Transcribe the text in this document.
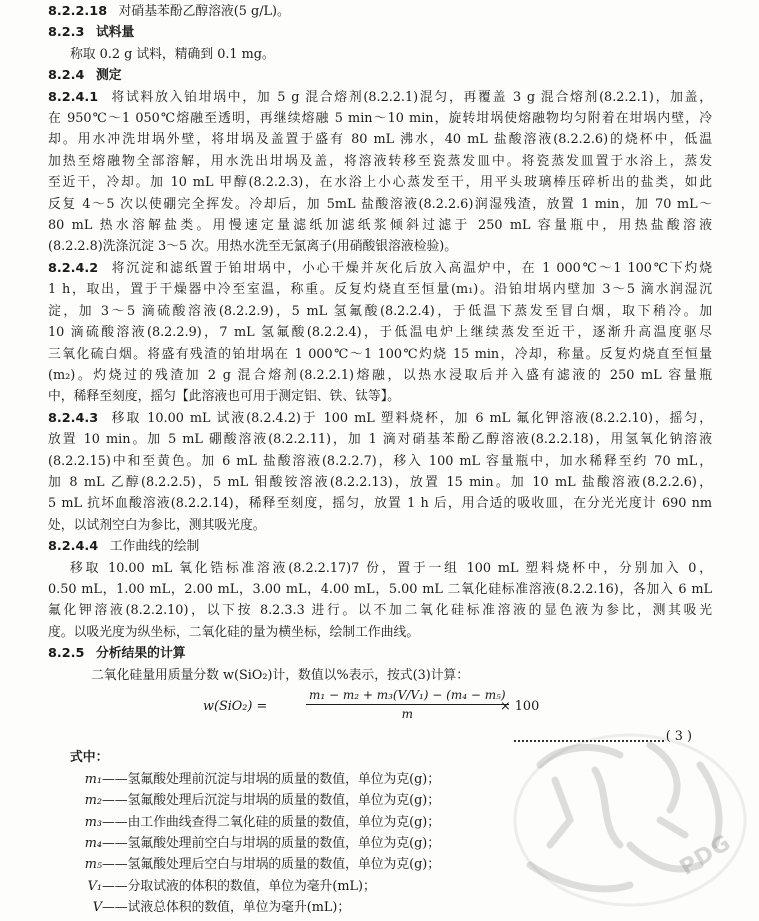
8.2.2.18 对硝基苯酚乙醇溶液(5 g/L)。
8.2.3 试料量
称取 0.2 g 试料，精确到 0.1 mg。
8.2.4 测定
8.2.4.1 将试料放入铂坩埚中，加 5 g 混合熔剂(8.2.2.1)混匀，再覆盖 3 g 混合熔剂(8.2.2.1)，加盖，
在 950℃～1 050℃熔融至透明，再继续熔融 5 min～10 min，旋转坩埚使熔融物均匀附着在坩埚内壁，冷
却。用水冲洗坩埚外壁，将坩埚及盖置于盛有 80 mL 沸水，40 mL 盐酸溶液(8.2.2.6)的烧杯中，低温
加热至熔融物全部溶解，用水洗出坩埚及盖，将溶液转移至瓷蒸发皿中。将瓷蒸发皿置于水浴上，蒸发
至近干，冷却。加 10 mL 甲醇(8.2.2.3)，在水浴上小心蒸发至干，用平头玻璃棒压碎析出的盐类，如此
反复 4～5 次以使硼完全挥发。冷却后，加 5mL 盐酸溶液(8.2.2.6)润湿残渣，放置 1 min，加 70 mL～
80 mL 热水溶解盐类。用慢速定量滤纸加滤纸浆倾斜过滤于 250 mL 容量瓶中，用热盐酸溶液
(8.2.2.8)洗涤沉淀 3～5 次。用热水洗至无氯离子(用硝酸银溶液检验)。
8.2.4.2 将沉淀和滤纸置于铂坩埚中，小心干燥并灰化后放入高温炉中，在 1 000℃～1 100℃下灼烧
1 h，取出，置于干燥器中冷至室温，称重。反复灼烧直至恒量(m₁)。沿铂坩埚内壁加 3～5 滴水润湿沉
淀，加 3～5 滴硫酸溶液(8.2.2.9)，5 mL 氢氟酸(8.2.2.4)，于低温下蒸发至冒白烟，取下稍冷。加
10 滴硫酸溶液(8.2.2.9)，7 mL 氢氟酸(8.2.2.4)，于低温电炉上继续蒸发至近干，逐渐升高温度驱尽
三氧化硫白烟。将盛有残渣的铂坩埚在 1 000℃～1 100℃灼烧 15 min，冷却，称量。反复灼烧直至恒量
(m₂)。灼烧过的残渣加 2 g 混合熔剂(8.2.2.1)熔融，以热水浸取后并入盛有滤液的 250 mL 容量瓶
中，稀释至刻度，摇匀【此溶液也可用于测定铝、铁、钛等】。
8.2.4.3 移取 10.00 mL 试液(8.2.4.2)于 100 mL 塑料烧杯，加 6 mL 氟化钾溶液(8.2.2.10)，摇匀，
放置 10 min。加 5 mL 硼酸溶液(8.2.2.11)，加 1 滴对硝基苯酚乙醇溶液(8.2.2.18)，用氢氧化钠溶液
(8.2.2.15)中和至黄色。加 6 mL 盐酸溶液(8.2.2.7)，移入 100 mL 容量瓶中，加水稀释至约 70 mL，
加 8 mL 乙醇(8.2.2.5)，5 mL 钼酸铵溶液(8.2.2.13)，放置 15 min。加 10 mL 盐酸溶液(8.2.2.6)，
5 mL 抗坏血酸溶液(8.2.2.14)，稀释至刻度，摇匀，放置 1 h 后，用合适的吸收皿，在分光光度计 690 nm
处，以试剂空白为参比，测其吸光度。
8.2.4.4 工作曲线的绘制
移取 10.00 mL 氧化锆标准溶液(8.2.2.17)7 份，置于一组 100 mL 塑料烧杯中，分别加入 0，
0.50 mL，1.00 mL，2.00 mL，3.00 mL，4.00 mL，5.00 mL 二氧化硅标准溶液(8.2.2.16)，各加入 6 mL
氟化钾溶液(8.2.2.10)，以下按 8.2.3.3 进行。以不加二氧化硅标准溶液的显色液为参比，测其吸光
度。以吸光度为纵坐标，二氧化硅的量为横坐标，绘制工作曲线。
8.2.5 分析结果的计算
二氧化硅量用质量分数 w(SiO₂)计，数值以%表示，按式(3)计算：
w(SiO₂) =	$\frac{\text{m₁ − m₂ + m₃(V/V₁) − (m₄ − m₅)}}{m}$
× 100
( 3 )
式中：
m₁ ——氢氟酸处理前沉淀与坩埚的质量的数值，单位为克(g)；
m₂ ——氢氟酸处理后沉淀与坩埚的质量的数值，单位为克(g)；
m₃ ——由工作曲线查得二氧化硅的质量的数值，单位为克(g)；
m₄ ——氢氟酸处理前空白与坩埚的质量的数值，单位为克(g)；
m₅ ——氢氟酸处理后空白与坩埚的质量的数值，单位为克(g)；
V₁ ——分取试液的体积的数值，单位为毫升(mL)；
V ——试液总体积的数值，单位为毫升(mL)；
PDG
